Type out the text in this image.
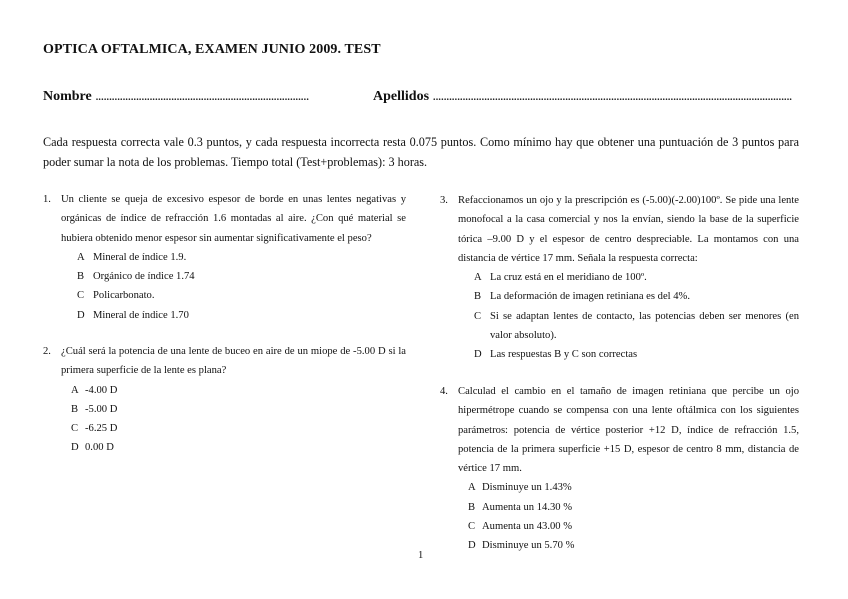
OPTICA OFTALMICA, EXAMEN JUNIO 2009. TEST
Nombre ...............................................................................	Apellidos .....................................................................................................................................
Cada respuesta correcta vale 0.3 puntos, y cada respuesta incorrecta resta 0.075 puntos. Como mínimo hay que obtener una puntuación de 3 puntos para poder sumar la nota de los problemas. Tiempo total (Test+problemas): 3 horas.
1. Un cliente se queja de excesivo espesor de borde en unas lentes negativas y orgánicas de índice de refracción 1.6 montadas al aire. ¿Con qué material se hubiera obtenido menor espesor sin aumentar significativamente el peso?
A Mineral de índice 1.9.
B Orgánico de índice 1.74
C Policarbonato.
D Mineral de índice 1.70
2. ¿Cuál será la potencia de una lente de buceo en aire de un miope de -5.00 D si la primera superficie de la lente es plana?
A -4.00 D
B -5.00 D
C -6.25 D
D 0.00 D
3. Refaccionamos un ojo y la prescripción es (-5.00)(-2.00)100º. Se pide una lente monofocal a la casa comercial y nos la envían, siendo la base de la superficie tórica –9.00 D y el espesor de centro despreciable. La montamos con una distancia de vértice 17 mm. Señala la respuesta correcta:
A La cruz está en el meridiano de 100º.
B La deformación de imagen retiniana es del 4%.
C Si se adaptan lentes de contacto, las potencias deben ser menores (en valor absoluto).
D Las respuestas B y C son correctas
4. Calculad el cambio en el tamaño de imagen retiniana que percibe un ojo hipermétrope cuando se compensa con una lente oftálmica con los siguientes parámetros: potencia de vértice posterior +12 D, índice de refracción 1.5, potencia de la primera superficie +15 D, espesor de centro 8 mm, distancia de vértice 17 mm.
A Disminuye un 1.43%
B Aumenta un 14.30 %
C Aumenta un 43.00 %
D Disminuye un 5.70 %
1
